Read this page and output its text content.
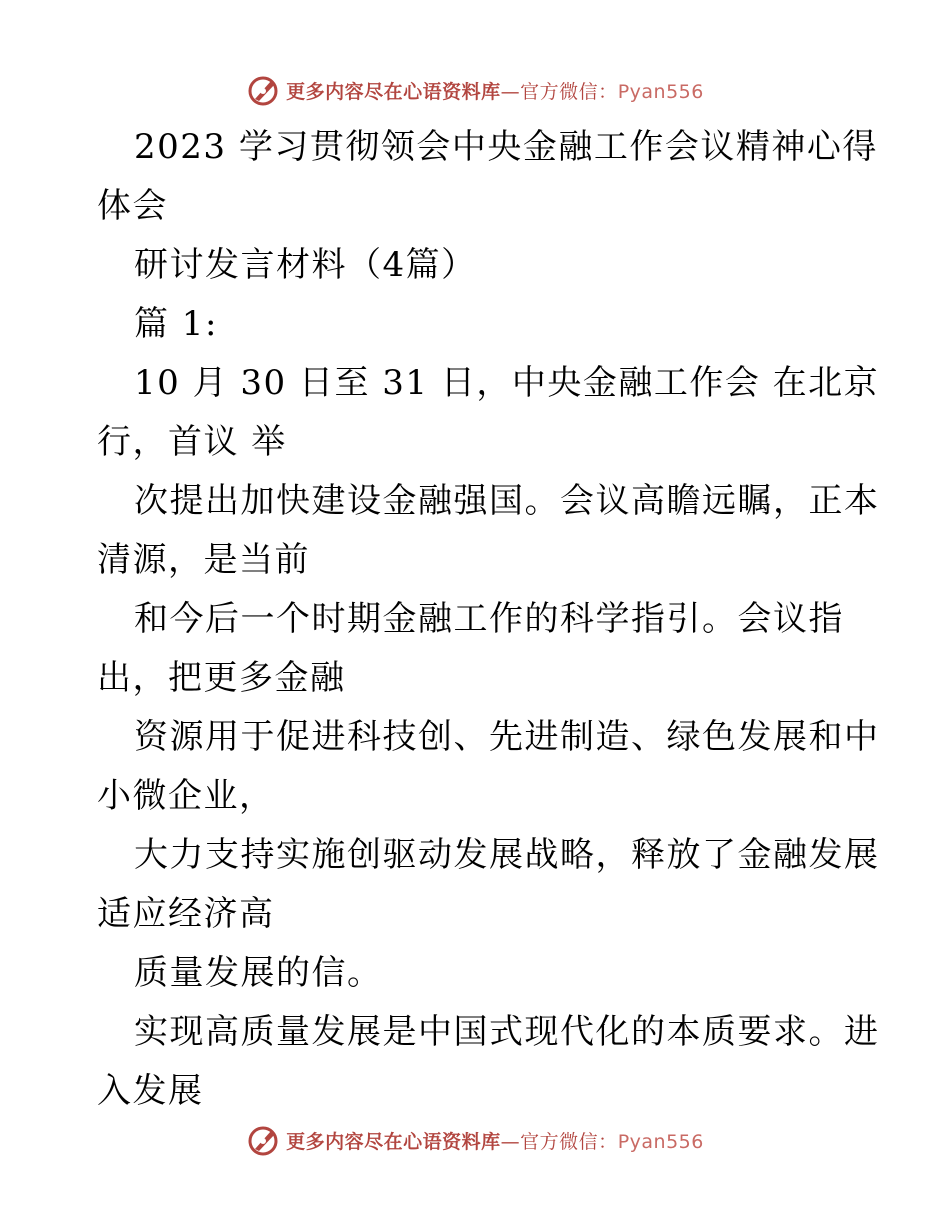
更多内容尽在心语资料库—官方微信：Pyan556
2023 学习贯彻领会中央金融工作会议精神心得
体会
研讨发言材料（4篇）
篇 1:
10 月 30 日至 31 日，中央金融工作会 在北京
行，首议 举
次提出加快建设金融强国。会议高瞻远瞩，正本
清源，是当前
和今后一个时期金融工作的科学指引。会议指
出，把更多金融
资源用于促进科技创、先进制造、绿色发展和中
小微企业，
大力支持实施创驱动发展战略，释放了金融发展
适应经济高
质量发展的信。
实现高质量发展是中国式现代化的本质要求。进
入发展
更多内容尽在心语资料库—官方微信：Pyan556
